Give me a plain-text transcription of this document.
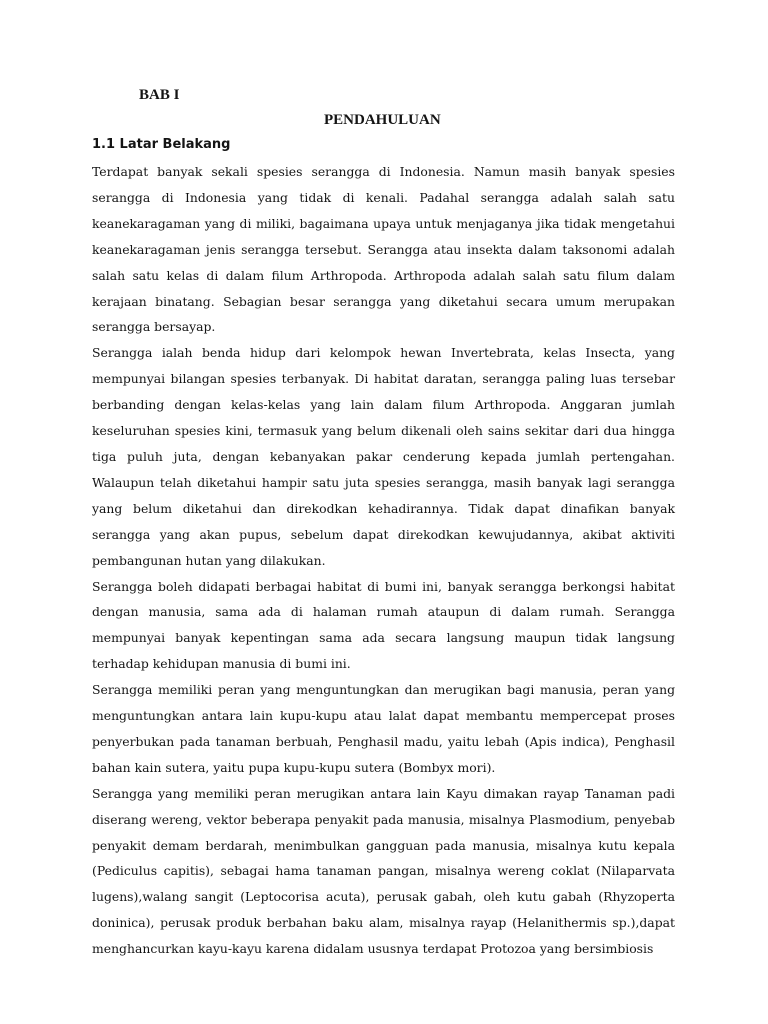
BAB I
PENDAHULUAN
1.1 Latar Belakang

Terdapat banyak sekali spesies serangga di Indonesia. Namun masih banyak spesies serangga di Indonesia yang tidak di kenali. Padahal serangga adalah salah satu keanekaragaman yang di miliki, bagaimana upaya untuk menjaganya jika tidak mengetahui keanekaragaman jenis serangga tersebut. Serangga atau insekta dalam taksonomi adalah salah satu kelas di dalam filum Arthropoda. Arthropoda adalah salah satu filum dalam kerajaan binatang. Sebagian besar serangga yang diketahui secara umum merupakan serangga bersayap.

Serangga ialah benda hidup dari kelompok hewan Invertebrata, kelas Insecta, yang mempunyai bilangan spesies terbanyak. Di habitat daratan, serangga paling luas tersebar berbanding dengan kelas-kelas yang lain dalam filum Arthropoda. Anggaran jumlah keseluruhan spesies kini, termasuk yang belum dikenali oleh sains sekitar dari dua hingga tiga puluh juta, dengan kebanyakan pakar cenderung kepada jumlah pertengahan. Walaupun telah diketahui hampir satu juta spesies serangga, masih banyak lagi serangga yang belum diketahui dan direkodkan kehadirannya. Tidak dapat dinafikan banyak serangga yang akan pupus, sebelum dapat direkodkan kewujudannya, akibat aktiviti pembangunan hutan yang dilakukan.

Serangga boleh didapati berbagai habitat di bumi ini, banyak serangga berkongsi habitat dengan manusia, sama ada di halaman rumah ataupun di dalam rumah. Serangga mempunyai banyak kepentingan sama ada secara langsung maupun tidak langsung terhadap kehidupan manusia di bumi ini.

Serangga memiliki peran yang menguntungkan dan merugikan bagi manusia, peran yang menguntungkan antara lain kupu-kupu atau lalat dapat membantu mempercepat proses penyerbukan pada tanaman berbuah, Penghasil madu, yaitu lebah (Apis indica), Penghasil bahan kain sutera, yaitu pupa kupu-kupu sutera (Bombyx mori).

Serangga yang memiliki peran merugikan antara lain Kayu dimakan rayap Tanaman padi diserang wereng, vektor beberapa penyakit pada manusia, misalnya Plasmodium, penyebab penyakit demam berdarah, menimbulkan gangguan pada manusia, misalnya kutu kepala (Pediculus capitis), sebagai hama tanaman pangan, misalnya wereng coklat (Nilaparvata lugens),walang sangit (Leptocorisa acuta), perusak gabah, oleh kutu gabah (Rhyzoperta doninica), perusak produk berbahan baku alam, misalnya rayap (Helanithermis sp.),dapat menghancurkan kayu-kayu karena didalam ususnya terdapat Protozoa yang bersimbiosis
